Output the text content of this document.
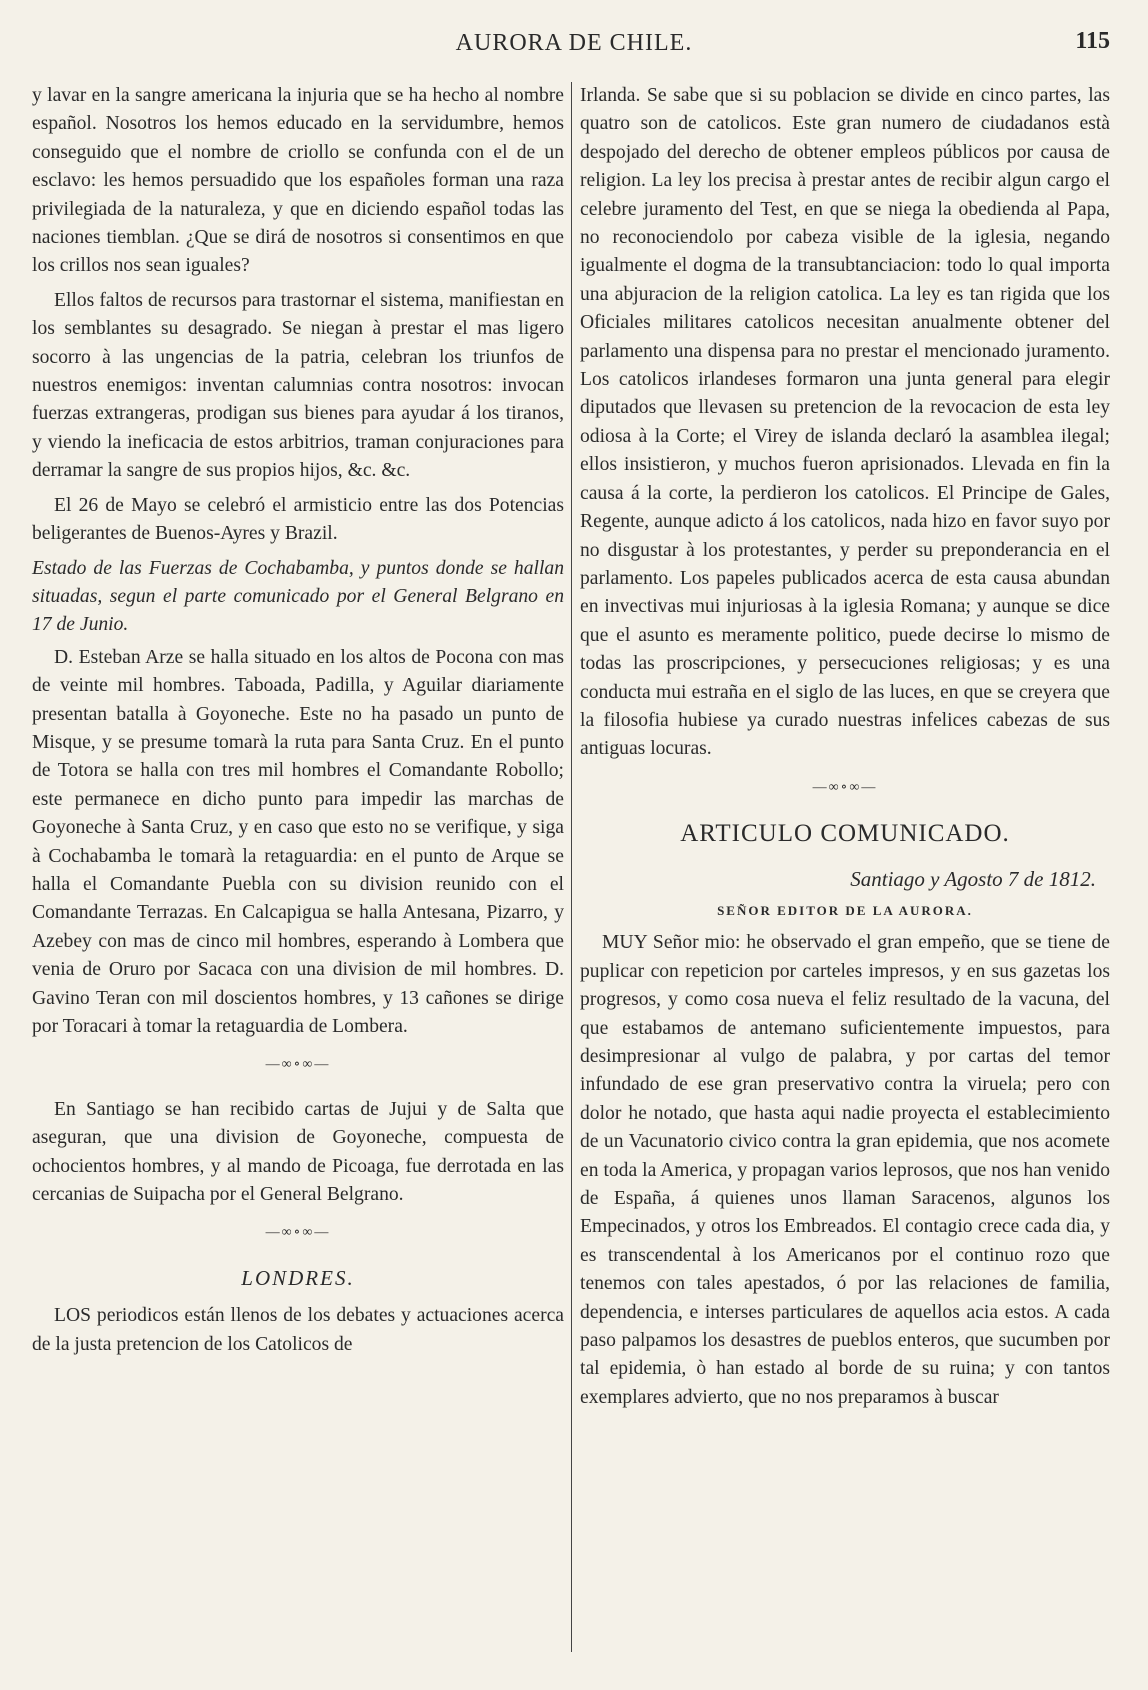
AURORA DE CHILE.	115

y lavar en la sangre americana la injuria que se ha hecho al nombre español. Nosotros los hemos educado en la servidumbre, hemos conseguido que el nombre de criollo se confunda con el de un esclavo: les hemos persuadido que los españoles forman una raza privilegiada de la naturaleza, y que en diciendo español todas las naciones tiemblan. ¿Que se dirá de nosotros si consentimos en que los crillos nos sean iguales?

Ellos faltos de recursos para trastornar el sistema, manifiestan en los semblantes su desagrado. Se niegan à prestar el mas ligero socorro à las ungencias de la patria, celebran los triunfos de nuestros enemigos: inventan calumnias contra nosotros: invocan fuerzas extrangeras, prodigan sus bienes para ayudar á los tiranos, y viendo la ineficacia de estos arbitrios, traman conjuraciones para derramar la sangre de sus propios hijos, &c. &c.

El 26 de Mayo se celebró el armisticio entre las dos Potencias beligerantes de Buenos-Ayres y Brazil.

Estado de las Fuerzas de Cochabamba, y puntos donde se hallan situadas, segun el parte comunicado por el General Belgrano en 17 de Junio.

D. Esteban Arze se halla situado en los altos de Pocona con mas de veinte mil hombres. Taboada, Padilla, y Aguilar diariamente presentan batalla à Goyoneche. Este no ha pasado un punto de Misque, y se presume tomarà la ruta para Santa Cruz. En el punto de Totora se halla con tres mil hombres el Comandante Robollo; este permanece en dicho punto para impedir las marchas de Goyoneche à Santa Cruz, y en caso que esto no se verifique, y siga à Cochabamba le tomarà la retaguardia: en el punto de Arque se halla el Comandante Puebla con su division reunido con el Comandante Terrazas. En Calcapigua se halla Antesana, Pizarro, y Azebey con mas de cinco mil hombres, esperando à Lombera que venia de Oruro por Sacaca con una division de mil hombres. D. Gavino Teran con mil doscientos hombres, y 13 cañones se dirige por Toracari à tomar la retaguardia de Lombera.

—∞∘∞—

En Santiago se han recibido cartas de Jujui y de Salta que aseguran, que una division de Goyoneche, compuesta de ochocientos hombres, y al mando de Picoaga, fue derrotada en las cercanias de Suipacha por el General Belgrano.

—∞∘∞—
LONDRES.

LOS periodicos están llenos de los debates y actuaciones acerca de la justa pretencion de los Catolicos de

Irlanda. Se sabe que si su poblacion se divide en cinco partes, las quatro son de catolicos. Este gran numero de ciudadanos està despojado del derecho de obtener empleos públicos por causa de religion. La ley los precisa à prestar antes de recibir algun cargo el celebre juramento del Test, en que se niega la obedienda al Papa, no reconociendolo por cabeza visible de la iglesia, negando igualmente el dogma de la transubtanciacion: todo lo qual importa una abjuracion de la religion catolica. La ley es tan rigida que los Oficiales militares catolicos necesitan anualmente obtener del parlamento una dispensa para no prestar el mencionado juramento. Los catolicos irlandeses formaron una junta general para elegir diputados que llevasen su pretencion de la revocacion de esta ley odiosa à la Corte; el Virey de islanda declaró la asamblea ilegal; ellos insistieron, y muchos fueron aprisionados. Llevada en fin la causa á la corte, la perdieron los catolicos. El Principe de Gales, Regente, aunque adicto á los catolicos, nada hizo en favor suyo por no disgustar à los protestantes, y perder su preponderancia en el parlamento. Los papeles publicados acerca de esta causa abundan en invectivas mui injuriosas à la iglesia Romana; y aunque se dice que el asunto es meramente politico, puede decirse lo mismo de todas las proscripciones, y persecuciones religiosas; y es una conducta mui estraña en el siglo de las luces, en que se creyera que la filosofia hubiese ya curado nuestras infelices cabezas de sus antiguas locuras.

—∞∘∞—
ARTICULO COMUNICADO.
Santiago y Agosto 7 de 1812.
SEÑOR EDITOR DE LA AURORA.

MUY Señor mio: he observado el gran empeño, que se tiene de puplicar con repeticion por carteles impresos, y en sus gazetas los progresos, y como cosa nueva el feliz resultado de la vacuna, del que estabamos de antemano suficientemente impuestos, para desimpresionar al vulgo de palabra, y por cartas del temor infundado de ese gran preservativo contra la viruela; pero con dolor he notado, que hasta aqui nadie proyecta el establecimiento de un Vacunatorio civico contra la gran epidemia, que nos acomete en toda la America, y propagan varios leprosos, que nos han venido de España, á quienes unos llaman Saracenos, algunos los Empecinados, y otros los Embreados. El contagio crece cada dia, y es transcendental à los Americanos por el continuo rozo que tenemos con tales apestados, ó por las relaciones de familia, dependencia, e interses particulares de aquellos acia estos. A cada paso palpamos los desastres de pueblos enteros, que sucumben por tal epidemia, ò han estado al borde de su ruina; y con tantos exemplares advierto, que no nos preparamos à buscar
